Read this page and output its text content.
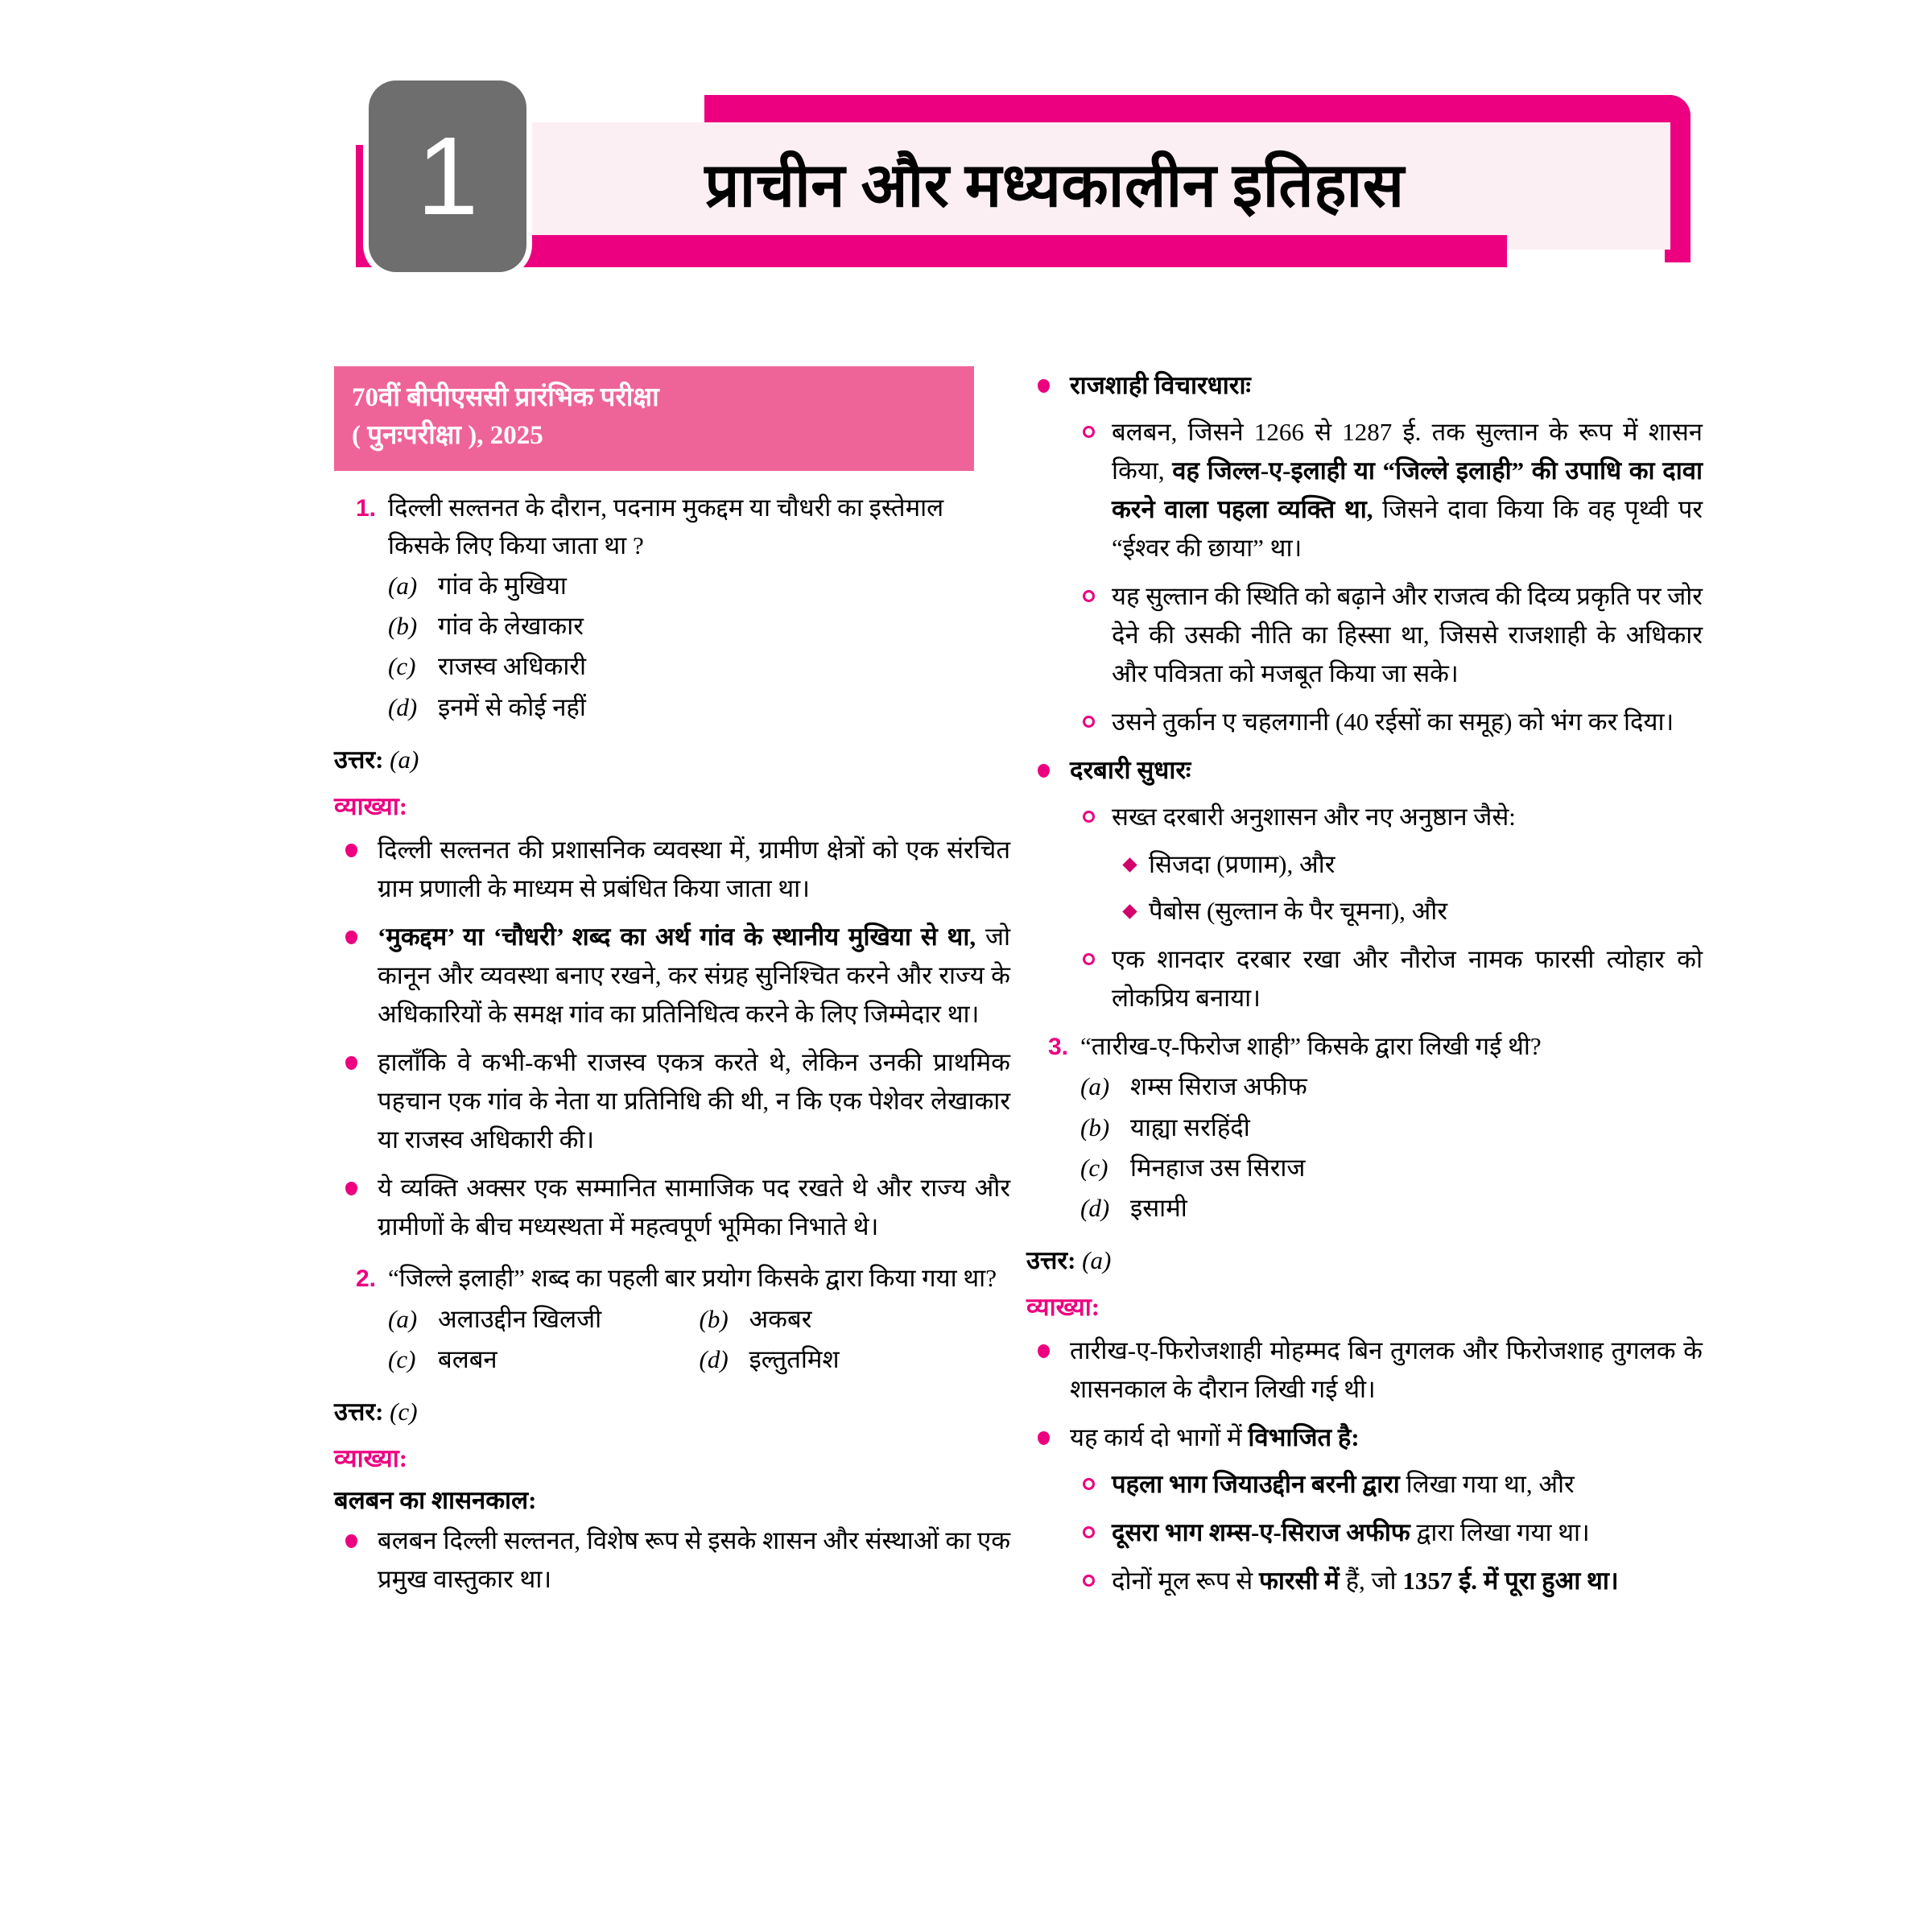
प्राचीन और मध्यकालीन इतिहास
1
70वीं बीपीएससी प्रारंभिक परीक्षा
( पुनःपरीक्षा ), 2025
1. दिल्ली सल्तनत के दौरान, पदनाम मुकद्दम या चौधरी का इस्तेमाल किसके लिए किया जाता था ?
(a) गांव के मुखिया
(b) गांव के लेखाकार
(c) राजस्व अधिकारी
(d) इनमें से कोई नहीं
उत्तर: (a)
व्याख्या:
दिल्ली सल्तनत की प्रशासनिक व्यवस्था में, ग्रामीण क्षेत्रों को एक संरचित ग्राम प्रणाली के माध्यम से प्रबंधित किया जाता था।
‘मुकद्दम’ या ‘चौधरी’ शब्द का अर्थ गांव के स्थानीय मुखिया से था, जो कानून और व्यवस्था बनाए रखने, कर संग्रह सुनिश्चित करने और राज्य के अधिकारियों के समक्ष गांव का प्रतिनिधित्व करने के लिए जिम्मेदार था।
हालाँकि वे कभी-कभी राजस्व एकत्र करते थे, लेकिन उनकी प्राथमिक पहचान एक गांव के नेता या प्रतिनिधि की थी, न कि एक पेशेवर लेखाकार या राजस्व अधिकारी की।
ये व्यक्ति अक्सर एक सम्मानित सामाजिक पद रखते थे और राज्य और ग्रामीणों के बीच मध्यस्थता में महत्वपूर्ण भूमिका निभाते थे।
2. “जिल्ले इलाही” शब्द का पहली बार प्रयोग किसके द्वारा किया गया था?
(a) अलाउद्दीन खिलजी	(b) अकबर
(c) बलबन	(d) इल्तुतमिश
उत्तर: (c)
व्याख्या:
बलबन का शासनकाल:
बलबन दिल्ली सल्तनत, विशेष रूप से इसके शासन और संस्थाओं का एक प्रमुख वास्तुकार था।
राजशाही विचारधाराः
बलबन, जिसने 1266 से 1287 ई. तक सुल्तान के रूप में शासन किया, वह जिल्ल-ए-इलाही या “जिल्ले इलाही” की उपाधि का दावा करने वाला पहला व्यक्ति था, जिसने दावा किया कि वह पृथ्वी पर “ईश्वर की छाया” था।
यह सुल्तान की स्थिति को बढ़ाने और राजत्व की दिव्य प्रकृति पर जोर देने की उसकी नीति का हिस्सा था, जिससे राजशाही के अधिकार और पवित्रता को मजबूत किया जा सके।
उसने तुर्कान ए चहलगानी (40 रईसों का समूह) को भंग कर दिया।
दरबारी सुधारः
सख्त दरबारी अनुशासन और नए अनुष्ठान जैसे:
सिजदा (प्रणाम), और
पैबोस (सुल्तान के पैर चूमना), और
एक शानदार दरबार रखा और नौरोज नामक फारसी त्योहार को लोकप्रिय बनाया।
3. “तारीख-ए-फिरोज शाही” किसके द्वारा लिखी गई थी?
(a) शम्स सिराज अफीफ
(b) याह्या सरहिंदी
(c) मिनहाज उस सिराज
(d) इसामी
उत्तर: (a)
व्याख्या:
तारीख-ए-फिरोजशाही मोहम्मद बिन तुगलक और फिरोजशाह तुगलक के शासनकाल के दौरान लिखी गई थी।
यह कार्य दो भागों में विभाजित है:
पहला भाग जियाउद्दीन बरनी द्वारा लिखा गया था, और
दूसरा भाग शम्स-ए-सिराज अफीफ द्वारा लिखा गया था।
दोनों मूल रूप से फारसी में हैं, जो 1357 ई. में पूरा हुआ था।
